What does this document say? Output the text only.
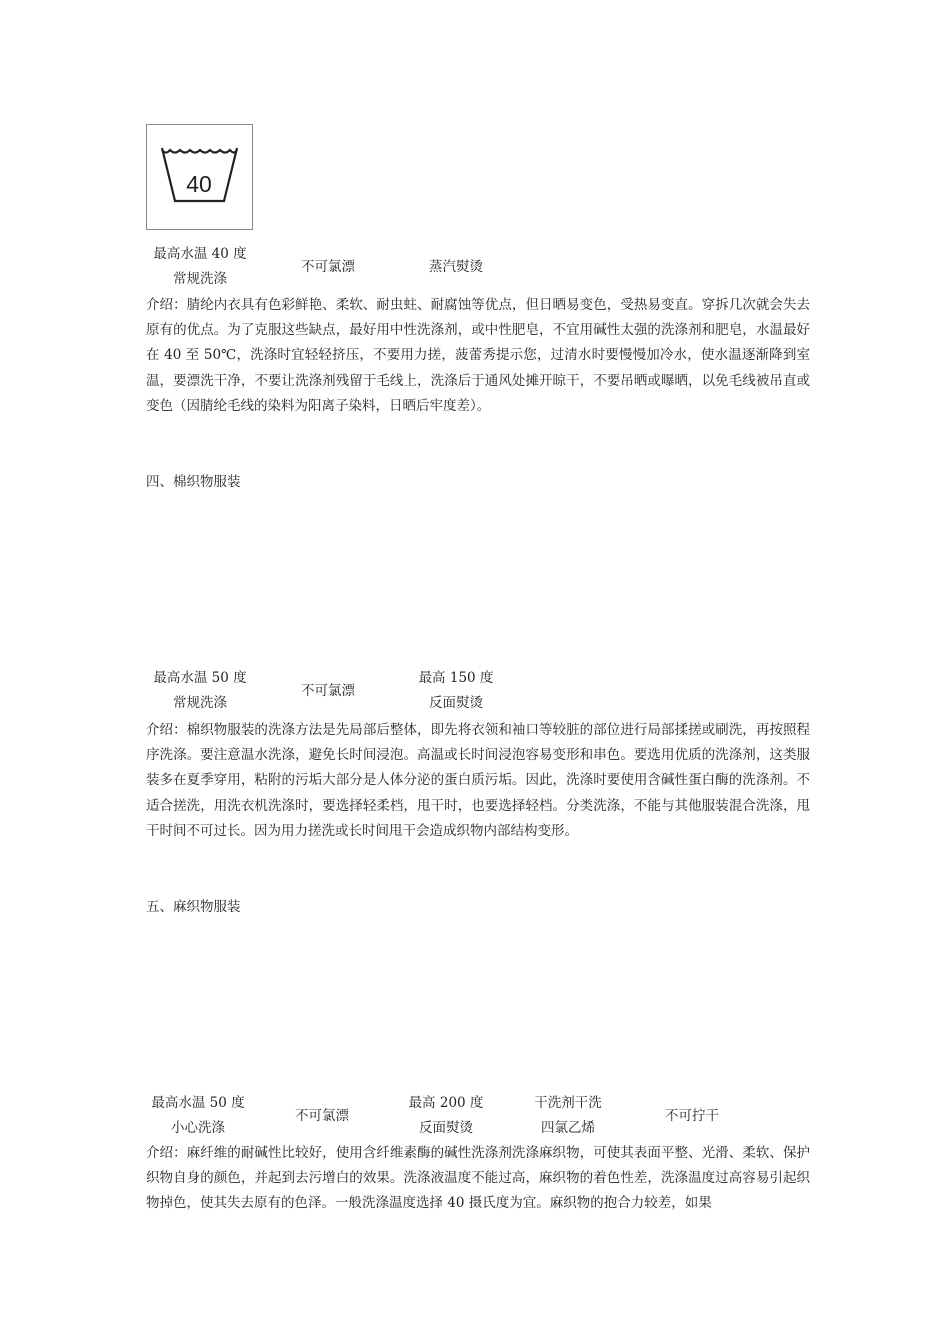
40
最高水温 40 度
常规洗涤
不可氯漂	蒸汽熨烫
介绍：腈纶内衣具有色彩鲜艳、柔软、耐虫蛀、耐腐蚀等优点，但日晒易变色，受热易变直。穿拆几次就会失去原有的优点。为了克服这些缺点，最好用中性洗涤剂，或中性肥皂，不宜用碱性太强的洗涤剂和肥皂，水温最好在 40 至 50℃，洗涤时宜轻轻挤压，不要用力搓，菠蕾秀提示您，过清水时要慢慢加冷水，使水温逐渐降到室温，要漂洗干净，不要让洗涤剂残留于毛线上，洗涤后于通风处摊开晾干，不要吊晒或曝晒，以免毛线被吊直或变色（因腈纶毛线的染料为阳离子染料，日晒后牢度差）。
四、棉织物服装
最高水温 50 度
常规洗涤
不可氯漂
最高 150 度
反面熨烫
介绍：棉织物服装的洗涤方法是先局部后整体，即先将衣领和袖口等较脏的部位进行局部揉搓或刷洗，再按照程序洗涤。要注意温水洗涤，避免长时间浸泡。高温或长时间浸泡容易变形和串色。要选用优质的洗涤剂，这类服装多在夏季穿用，粘附的污垢大部分是人体分泌的蛋白质污垢。因此，洗涤时要使用含碱性蛋白酶的洗涤剂。不适合搓洗，用洗衣机洗涤时，要选择轻柔档，甩干时，也要选择轻档。分类洗涤，不能与其他服装混合洗涤，甩干时间不可过长。因为用力搓洗或长时间甩干会造成织物内部结构变形。
五、麻织物服装
最高水温 50 度
小心洗涤
不可氯漂
最高 200 度
反面熨烫
干洗剂干洗
四氯乙烯
不可拧干
介绍：麻纤维的耐碱性比较好，使用含纤维素酶的碱性洗涤剂洗涤麻织物，可使其表面平整、光滑、柔软、保护织物自身的颜色，并起到去污增白的效果。洗涤液温度不能过高，麻织物的着色性差，洗涤温度过高容易引起织物掉色，使其失去原有的色泽。一般洗涤温度选择 40 摄氏度为宜。麻织物的抱合力较差，如果
